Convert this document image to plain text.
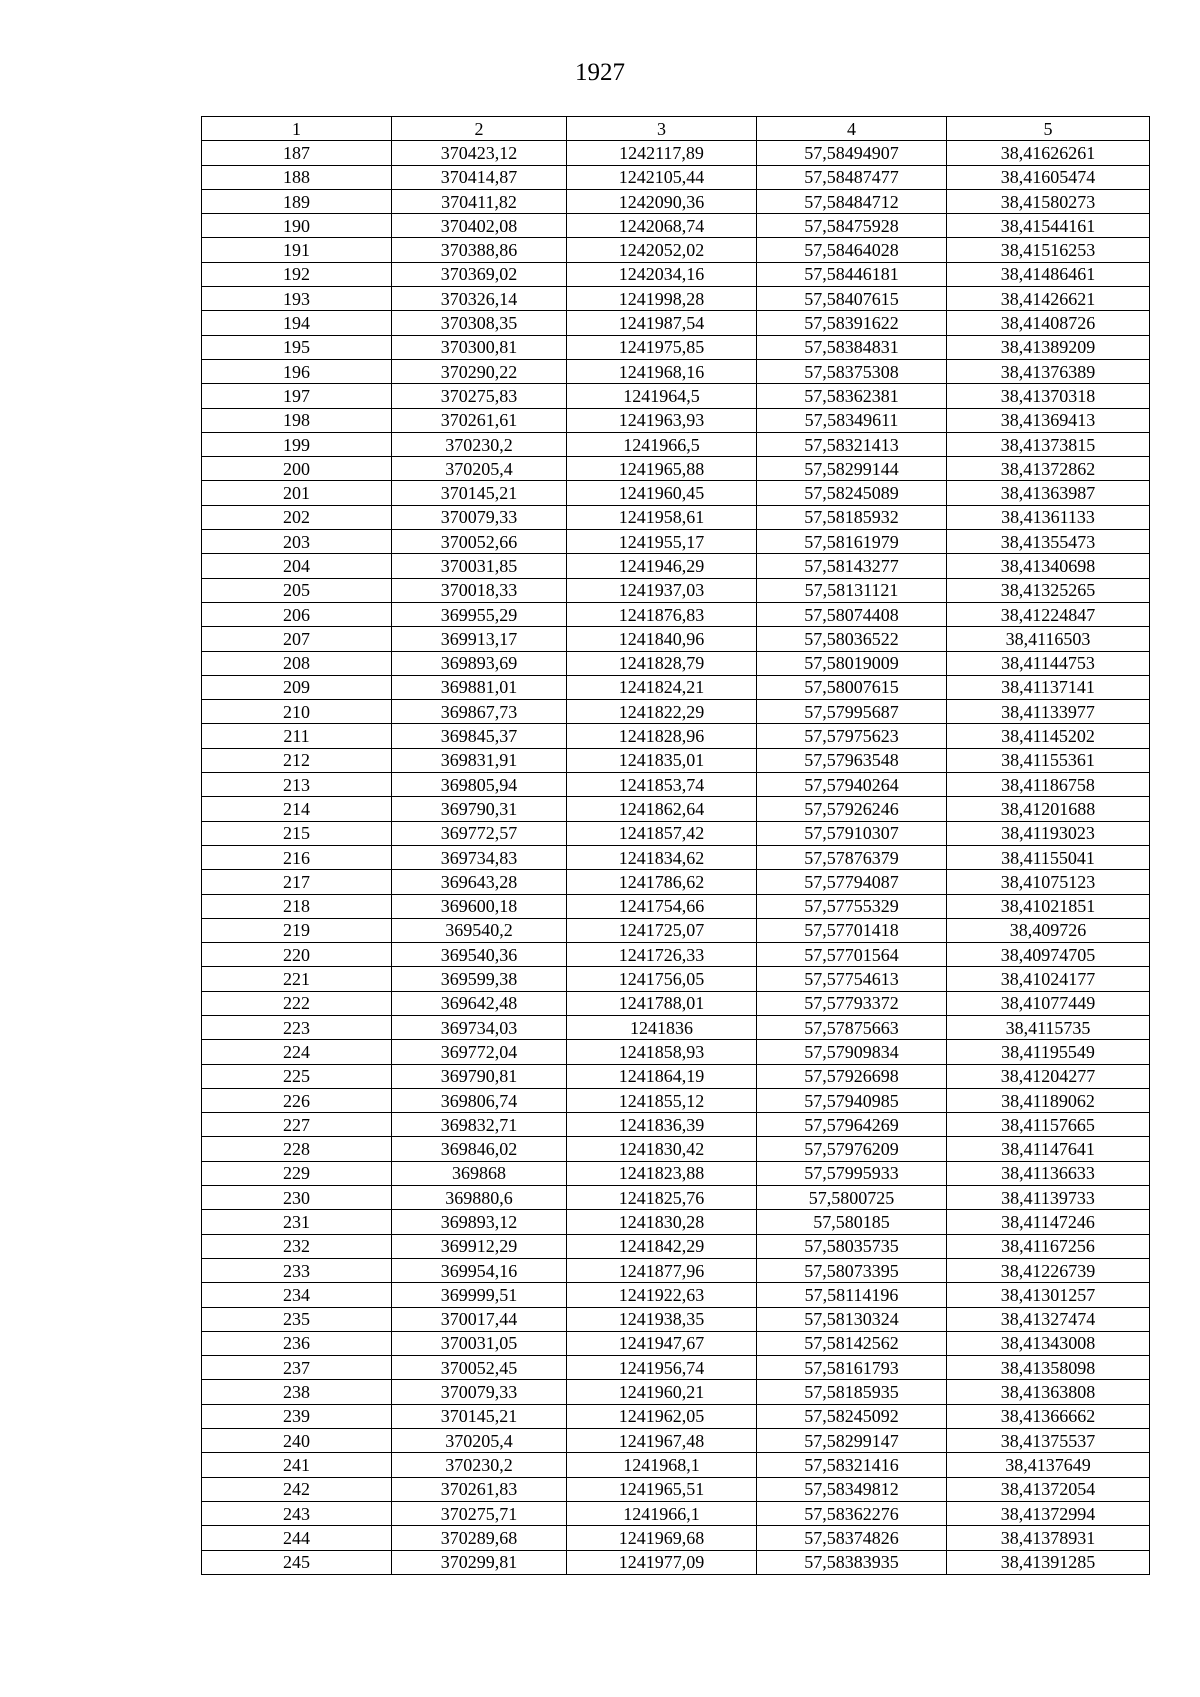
1927
1	2	3	4	5
187	370423,12	1242117,89	57,58494907	38,41626261
188	370414,87	1242105,44	57,58487477	38,41605474
189	370411,82	1242090,36	57,58484712	38,41580273
190	370402,08	1242068,74	57,58475928	38,41544161
191	370388,86	1242052,02	57,58464028	38,41516253
192	370369,02	1242034,16	57,58446181	38,41486461
193	370326,14	1241998,28	57,58407615	38,41426621
194	370308,35	1241987,54	57,58391622	38,41408726
195	370300,81	1241975,85	57,58384831	38,41389209
196	370290,22	1241968,16	57,58375308	38,41376389
197	370275,83	1241964,5	57,58362381	38,41370318
198	370261,61	1241963,93	57,58349611	38,41369413
199	370230,2	1241966,5	57,58321413	38,41373815
200	370205,4	1241965,88	57,58299144	38,41372862
201	370145,21	1241960,45	57,58245089	38,41363987
202	370079,33	1241958,61	57,58185932	38,41361133
203	370052,66	1241955,17	57,58161979	38,41355473
204	370031,85	1241946,29	57,58143277	38,41340698
205	370018,33	1241937,03	57,58131121	38,41325265
206	369955,29	1241876,83	57,58074408	38,41224847
207	369913,17	1241840,96	57,58036522	38,4116503
208	369893,69	1241828,79	57,58019009	38,41144753
209	369881,01	1241824,21	57,58007615	38,41137141
210	369867,73	1241822,29	57,57995687	38,41133977
211	369845,37	1241828,96	57,57975623	38,41145202
212	369831,91	1241835,01	57,57963548	38,41155361
213	369805,94	1241853,74	57,57940264	38,41186758
214	369790,31	1241862,64	57,57926246	38,41201688
215	369772,57	1241857,42	57,57910307	38,41193023
216	369734,83	1241834,62	57,57876379	38,41155041
217	369643,28	1241786,62	57,57794087	38,41075123
218	369600,18	1241754,66	57,57755329	38,41021851
219	369540,2	1241725,07	57,57701418	38,409726
220	369540,36	1241726,33	57,57701564	38,40974705
221	369599,38	1241756,05	57,57754613	38,41024177
222	369642,48	1241788,01	57,57793372	38,41077449
223	369734,03	1241836	57,57875663	38,4115735
224	369772,04	1241858,93	57,57909834	38,41195549
225	369790,81	1241864,19	57,57926698	38,41204277
226	369806,74	1241855,12	57,57940985	38,41189062
227	369832,71	1241836,39	57,57964269	38,41157665
228	369846,02	1241830,42	57,57976209	38,41147641
229	369868	1241823,88	57,57995933	38,41136633
230	369880,6	1241825,76	57,5800725	38,41139733
231	369893,12	1241830,28	57,580185	38,41147246
232	369912,29	1241842,29	57,58035735	38,41167256
233	369954,16	1241877,96	57,58073395	38,41226739
234	369999,51	1241922,63	57,58114196	38,41301257
235	370017,44	1241938,35	57,58130324	38,41327474
236	370031,05	1241947,67	57,58142562	38,41343008
237	370052,45	1241956,74	57,58161793	38,41358098
238	370079,33	1241960,21	57,58185935	38,41363808
239	370145,21	1241962,05	57,58245092	38,41366662
240	370205,4	1241967,48	57,58299147	38,41375537
241	370230,2	1241968,1	57,58321416	38,4137649
242	370261,83	1241965,51	57,58349812	38,41372054
243	370275,71	1241966,1	57,58362276	38,41372994
244	370289,68	1241969,68	57,58374826	38,41378931
245	370299,81	1241977,09	57,58383935	38,41391285
